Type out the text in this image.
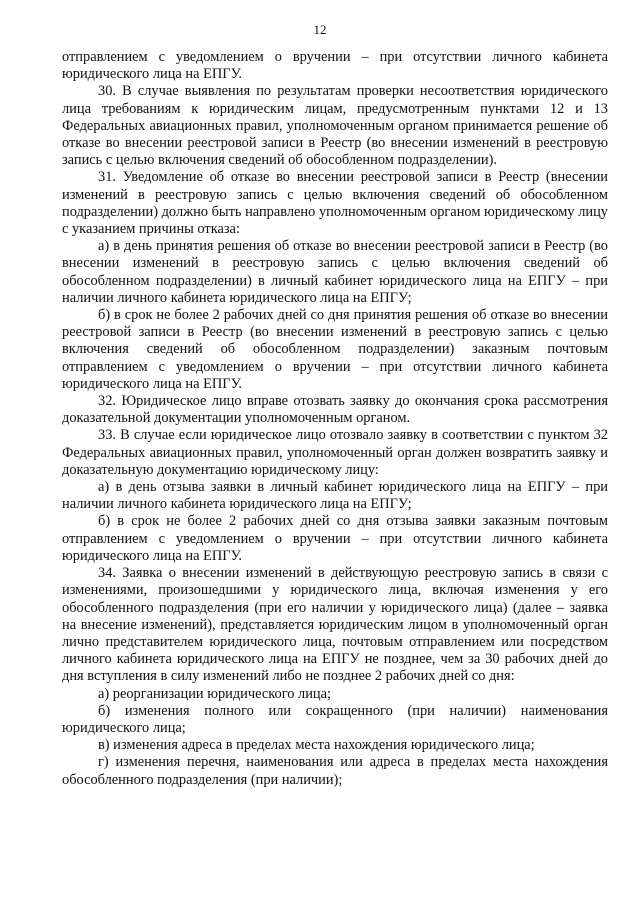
12

отправлением с уведомлением о вручении – при отсутствии личного кабинета юридического лица на ЕПГУ.

30. В случае выявления по результатам проверки несоответствия юридического лица требованиям к юридическим лицам, предусмотренным пунктами 12 и 13 Федеральных авиационных правил, уполномоченным органом принимается решение об отказе во внесении реестровой записи в Реестр (во внесении изменений в реестровую запись с целью включения сведений об обособленном подразделении).

31. Уведомление об отказе во внесении реестровой записи в Реестр (внесении изменений в реестровую запись с целью включения сведений об обособленном подразделении) должно быть направлено уполномоченным органом юридическому лицу с указанием причины отказа:

а) в день принятия решения об отказе во внесении реестровой записи в Реестр (во внесении изменений в реестровую запись с целью включения сведений об обособленном подразделении) в личный кабинет юридического лица на ЕПГУ – при наличии личного кабинета юридического лица на ЕПГУ;

б) в срок не более 2 рабочих дней со дня принятия решения об отказе во внесении реестровой записи в Реестр (во внесении изменений в реестровую запись с целью включения сведений об обособленном подразделении) заказным почтовым отправлением с уведомлением о вручении – при отсутствии личного кабинета юридического лица на ЕПГУ.

32. Юридическое лицо вправе отозвать заявку до окончания срока рассмотрения доказательной документации уполномоченным органом.

33. В случае если юридическое лицо отозвало заявку в соответствии с пунктом 32 Федеральных авиационных правил, уполномоченный орган должен возвратить заявку и доказательную документацию юридическому лицу:

а) в день отзыва заявки в личный кабинет юридического лица на ЕПГУ – при наличии личного кабинета юридического лица на ЕПГУ;

б) в срок не более 2 рабочих дней со дня отзыва заявки заказным почтовым отправлением с уведомлением о вручении – при отсутствии личного кабинета юридического лица на ЕПГУ.

34. Заявка о внесении изменений в действующую реестровую запись в связи с изменениями, произошедшими у юридического лица, включая изменения у его обособленного подразделения (при его наличии у юридического лица) (далее – заявка на внесение изменений), представляется юридическим лицом в уполномоченный орган лично представителем юридического лица, почтовым отправлением или посредством личного кабинета юридического лица на ЕПГУ не позднее, чем за 30 рабочих дней до дня вступления в силу изменений либо не позднее 2 рабочих дней со дня:

а) реорганизации юридического лица;

б) изменения полного или сокращенного (при наличии) наименования юридического лица;

в) изменения адреса в пределах места нахождения юридического лица;

г) изменения перечня, наименования или адреса в пределах места нахождения обособленного подразделения (при наличии);
